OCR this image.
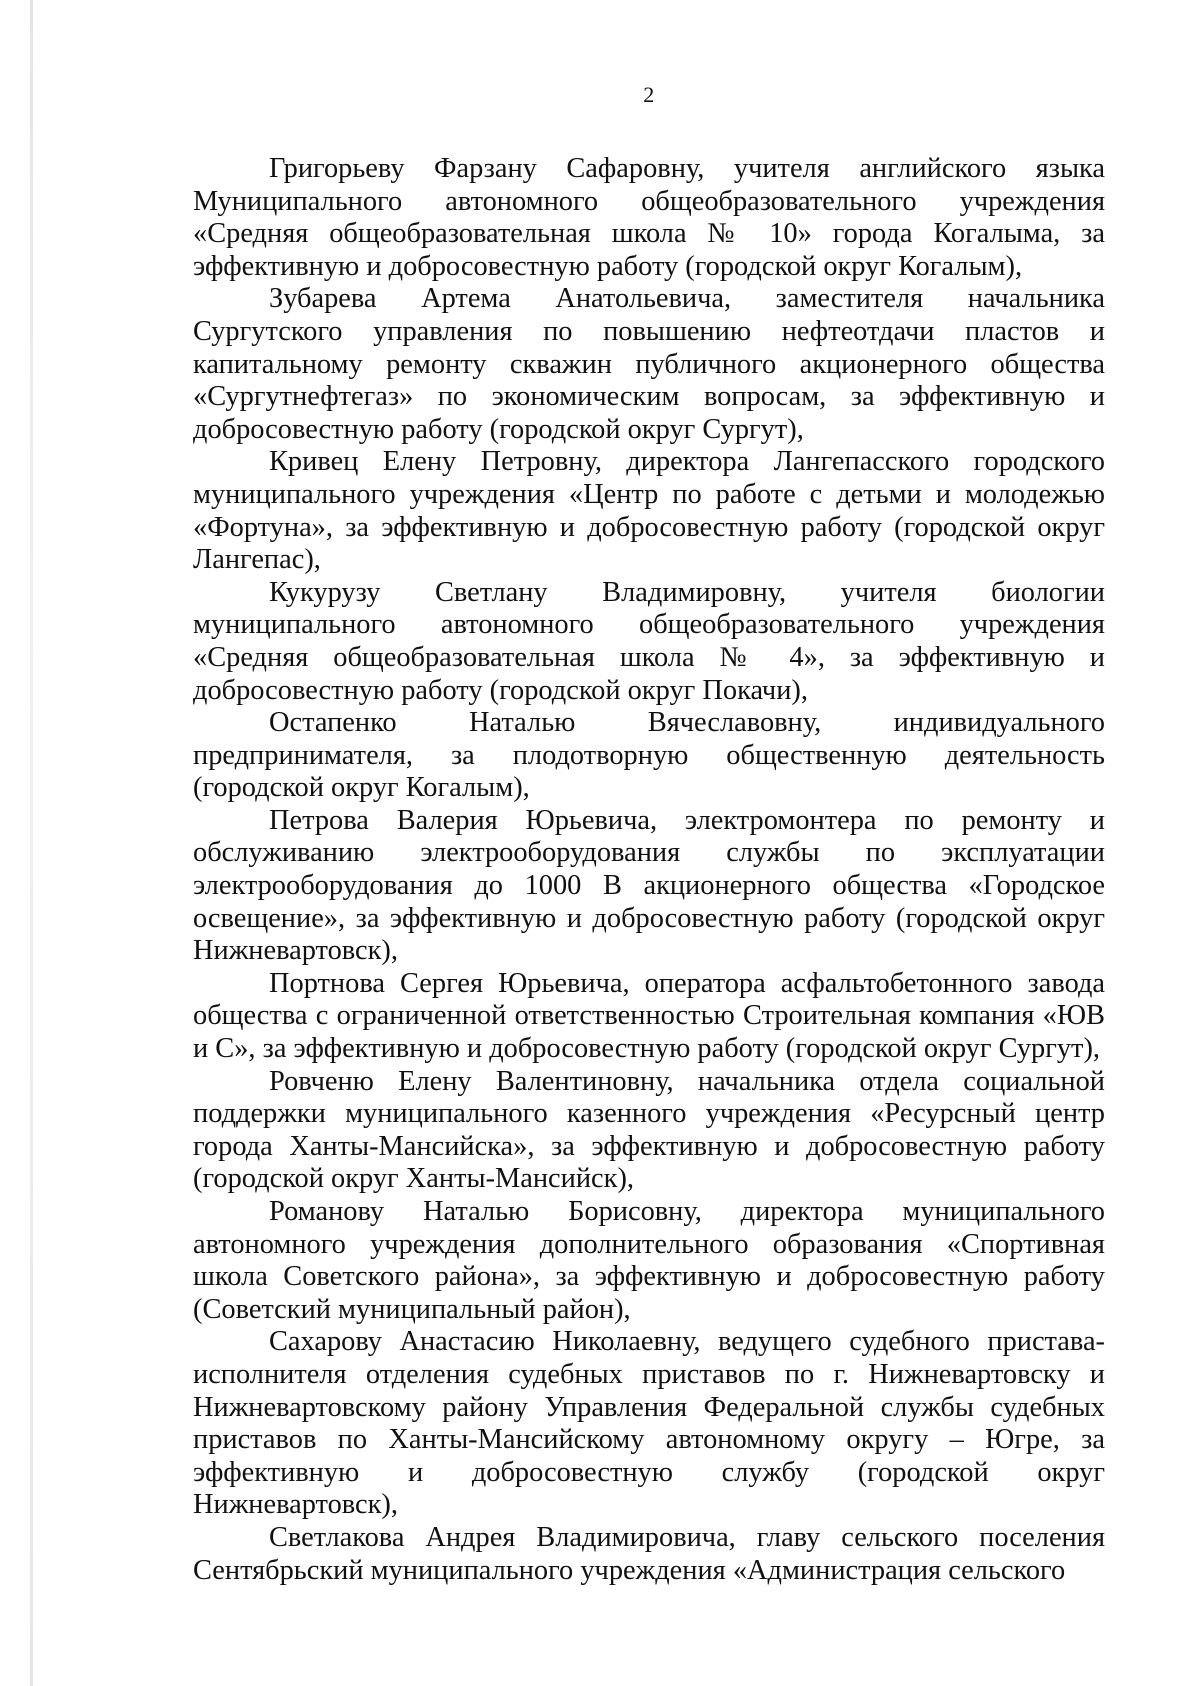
2

Григорьеву Фарзану Сафаровну, учителя английского языка Муниципального автономного общеобразовательного учреждения «Средняя общеобразовательная школа № 10» города Когалыма, за эффективную и добросовестную работу (городской округ Когалым),

Зубарева Артема Анатольевича, заместителя начальника Сургутского управления по повышению нефтеотдачи пластов и капитальному ремонту скважин публичного акционерного общества «Сургутнефтегаз» по экономическим вопросам, за эффективную и добросовестную работу (городской округ Сургут),

Кривец Елену Петровну, директора Лангепасского городского муниципального учреждения «Центр по работе с детьми и молодежью «Фортуна», за эффективную и добросовестную работу (городской округ Лангепас),

Кукурузу Светлану Владимировну, учителя биологии муниципального автономного общеобразовательного учреждения «Средняя общеобразовательная школа № 4», за эффективную и добросовестную работу (городской округ Покачи),

Остапенко Наталью Вячеславовну, индивидуального предпринимателя, за плодотворную общественную деятельность (городской округ Когалым),

Петрова Валерия Юрьевича, электромонтера по ремонту и обслуживанию электрооборудования службы по эксплуатации электрооборудования до 1000 В акционерного общества «Городское освещение», за эффективную и добросовестную работу (городской округ Нижневартовск),

Портнова Сергея Юрьевича, оператора асфальтобетонного завода общества с ограниченной ответственностью Строительная компания «ЮВ и С», за эффективную и добросовестную работу (городской округ Сургут),

Ровченю Елену Валентиновну, начальника отдела социальной поддержки муниципального казенного учреждения «Ресурсный центр города Ханты-Мансийска», за эффективную и добросовестную работу (городской округ Ханты-Мансийск),

Романову Наталью Борисовну, директора муниципального автономного учреждения дополнительного образования «Спортивная школа Советского района», за эффективную и добросовестную работу (Советский муниципальный район),

Сахарову Анастасию Николаевну, ведущего судебного пристава-исполнителя отделения судебных приставов по г. Нижневартовску и Нижневартовскому району Управления Федеральной службы судебных приставов по Ханты-Мансийскому автономному округу – Югре, за эффективную и добросовестную службу (городской округ Нижневартовск),

Светлакова Андрея Владимировича, главу сельского поселения Сентябрьский муниципального учреждения «Администрация сельского
